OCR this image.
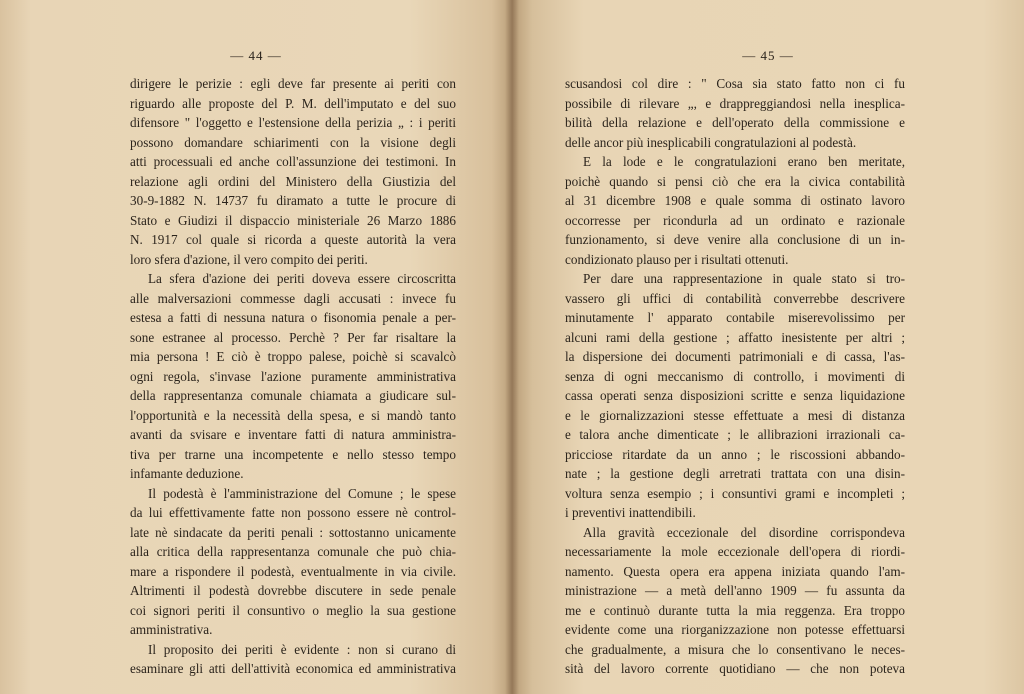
— 44 —
dirigere le perizie : egli deve far presente ai periti con
riguardo alle proposte del P. M. dell'imputato e del suo
difensore " l'oggetto e l'estensione della perizia „ : i periti
possono domandare schiarimenti con la visione degli
atti processuali ed anche coll'assunzione dei testimoni. In
relazione agli ordini del Ministero della Giustizia del
30-9-1882 N. 14737 fu diramato a tutte le procure di
Stato e Giudizi il dispaccio ministeriale 26 Marzo 1886
N. 1917 col quale si ricorda a queste autorità la vera
loro sfera d'azione, il vero compito dei periti.
La sfera d'azione dei periti doveva essere circoscritta
alle malversazioni commesse dagli accusati : invece fu
estesa a fatti di nessuna natura o fisonomia penale a per-
sone estranee al processo. Perchè ? Per far risaltare la
mia persona ! E ciò è troppo palese, poichè si scavalcò
ogni regola, s'invase l'azione puramente amministrativa
della rappresentanza comunale chiamata a giudicare sul-
l'opportunità e la necessità della spesa, e si mandò tanto
avanti da svisare e inventare fatti di natura amministra-
tiva per trarne una incompetente e nello stesso tempo
infamante deduzione.
Il podestà è l'amministrazione del Comune ; le spese
da lui effettivamente fatte non possono essere nè control-
late nè sindacate da periti penali : sottostanno unicamente
alla critica della rappresentanza comunale che può chia-
mare a rispondere il podestà, eventualmente in via civile.
Altrimenti il podestà dovrebbe discutere in sede penale
coi signori periti il consuntivo o meglio la sua gestione
amministrativa.
Il proposito dei periti è evidente : non si curano di
esaminare gli atti dell'attività economica ed amministrativa
— 45 —
scusandosi col dire : " Cosa sia stato fatto non ci fu
possibile di rilevare „, e drappreggiandosi nella inesplica-
bilità della relazione e dell'operato della commissione e
delle ancor più inesplicabili congratulazioni al podestà.
E la lode e le congratulazioni erano ben meritate,
poichè quando si pensi ciò che era la civica contabilità
al 31 dicembre 1908 e quale somma di ostinato lavoro
occorresse per ricondurla ad un ordinato e razionale
funzionamento, si deve venire alla conclusione di un in-
condizionato plauso per i risultati ottenuti.
Per dare una rappresentazione in quale stato si tro-
vassero gli uffici di contabilità converrebbe descrivere
minutamente l' apparato contabile miserevolissimo per
alcuni rami della gestione ; affatto inesistente per altri ;
la dispersione dei documenti patrimoniali e di cassa, l'as-
senza di ogni meccanismo di controllo, i movimenti di
cassa operati senza disposizioni scritte e senza liquidazione
e le giornalizzazioni stesse effettuate a mesi di distanza
e talora anche dimenticate ; le allibrazioni irrazionali ca-
pricciose ritardate da un anno ; le riscossioni abbando-
nate ; la gestione degli arretrati trattata con una disin-
voltura senza esempio ; i consuntivi grami e incompleti ;
i preventivi inattendibili.
Alla gravità eccezionale del disordine corrispondeva
necessariamente la mole eccezionale dell'opera di riordi-
namento. Questa opera era appena iniziata quando l'am-
ministrazione — a metà dell'anno 1909 — fu assunta da
me e continuò durante tutta la mia reggenza. Era troppo
evidente come una riorganizzazione non potesse effettuarsi
che gradualmente, a misura che lo consentivano le neces-
sità del lavoro corrente quotidiano — che non poteva
